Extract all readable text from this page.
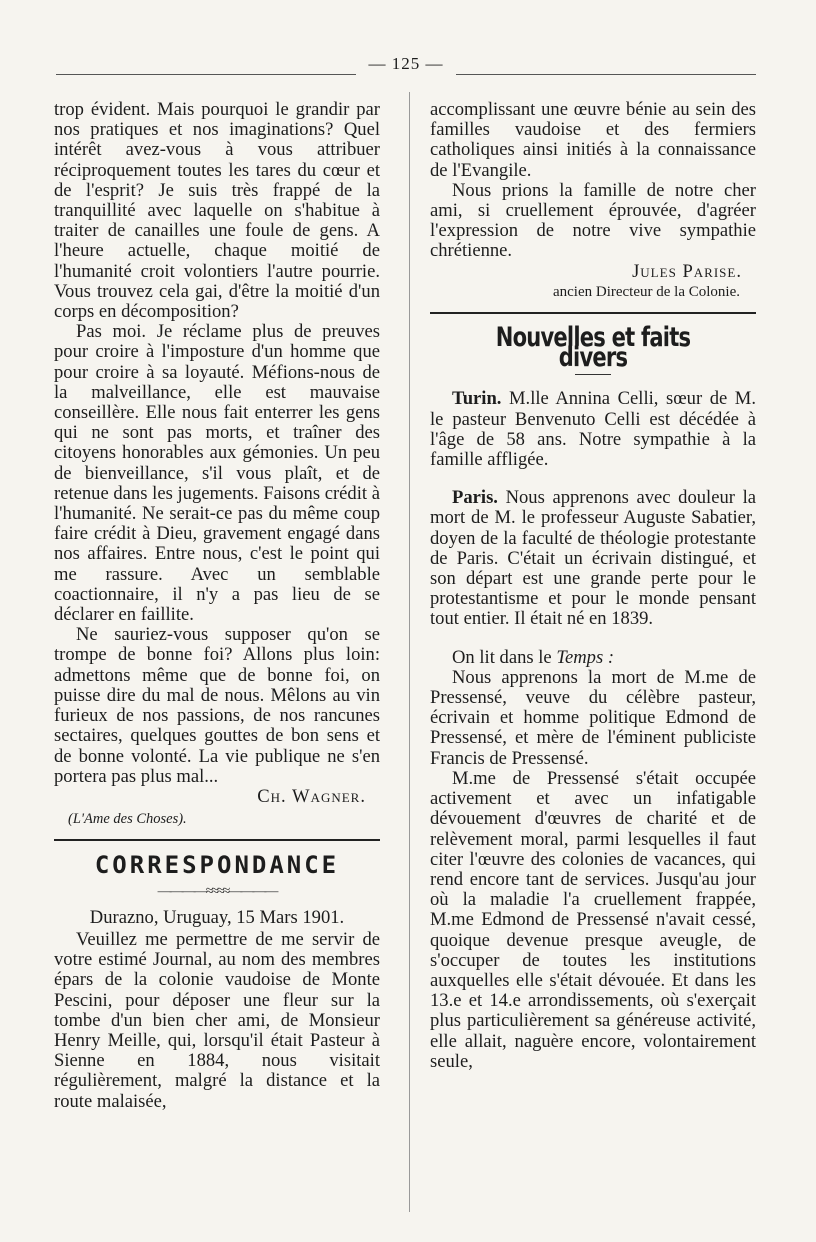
— 125 —

trop évident. Mais pourquoi le grandir par nos pratiques et nos imaginations? Quel intérêt avez-vous à vous attribuer réciproquement toutes les tares du cœur et de l'esprit? Je suis très frappé de la tranquillité avec laquelle on s'habitue à traiter de canailles une foule de gens. A l'heure actuelle, chaque moitié de l'humanité croit volontiers l'autre pourrie. Vous trouvez cela gai, d'être la moitié d'un corps en décomposition?

Pas moi. Je réclame plus de preuves pour croire à l'imposture d'un homme que pour croire à sa loyauté. Méfions-nous de la malveillance, elle est mauvaise conseillère. Elle nous fait enterrer les gens qui ne sont pas morts, et traîner des citoyens honorables aux gémonies. Un peu de bienveillance, s'il vous plaît, et de retenue dans les jugements. Faisons crédit à l'humanité. Ne serait-ce pas du même coup faire crédit à Dieu, gravement engagé dans nos affaires. Entre nous, c'est le point qui me rassure. Avec un semblable coactionnaire, il n'y a pas lieu de se déclarer en faillite.

Ne sauriez-vous supposer qu'on se trompe de bonne foi? Allons plus loin: admettons même que de bonne foi, on puisse dire du mal de nous. Mêlons au vin furieux de nos passions, de nos rancunes sectaires, quelques gouttes de bon sens et de bonne volonté. La vie publique ne s'en portera pas plus mal...

Ch. Wagner.

(L'Ame des Choses).

CORRESPONDANCE
————≈≈≈≈————

Durazno, Uruguay, 15 Mars 1901.

Veuillez me permettre de me servir de votre estimé Journal, au nom des membres épars de la colonie vaudoise de Monte Pescini, pour déposer une fleur sur la tombe d'un bien cher ami, de Monsieur Henry Meille, qui, lorsqu'il était Pasteur à Sienne en 1884, nous visitait régulièrement, malgré la distance et la route malaisée,

accomplissant une œuvre bénie au sein des familles vaudoise et des fermiers catholiques ainsi initiés à la connaissance de l'Evangile.

Nous prions la famille de notre cher ami, si cruellement éprouvée, d'agréer l'expression de notre vive sympathie chrétienne.

Jules Parise.

ancien Directeur de la Colonie.

Nouvelles et faits divers

Turin. M.lle Annina Celli, sœur de M. le pasteur Benvenuto Celli est décédée à l'âge de 58 ans. Notre sympathie à la famille affligée.

Paris. Nous apprenons avec douleur la mort de M. le professeur Auguste Sabatier, doyen de la faculté de théologie protestante de Paris. C'était un écrivain distingué, et son départ est une grande perte pour le protestantisme et pour le monde pensant tout entier. Il était né en 1839.

On lit dans le Temps :

Nous apprenons la mort de M.me de Pressensé, veuve du célèbre pasteur, écrivain et homme politique Edmond de Pressensé, et mère de l'éminent publiciste Francis de Pressensé.

M.me de Pressensé s'était occupée activement et avec un infatigable dévouement d'œuvres de charité et de relèvement moral, parmi lesquelles il faut citer l'œuvre des colonies de vacances, qui rend encore tant de services. Jusqu'au jour où la maladie l'a cruellement frappée, M.me Edmond de Pressensé n'avait cessé, quoique devenue presque aveugle, de s'occuper de toutes les institutions auxquelles elle s'était dévouée. Et dans les 13.e et 14.e arrondissements, où s'exerçait plus particulièrement sa généreuse activité, elle allait, naguère encore, volontairement seule,
